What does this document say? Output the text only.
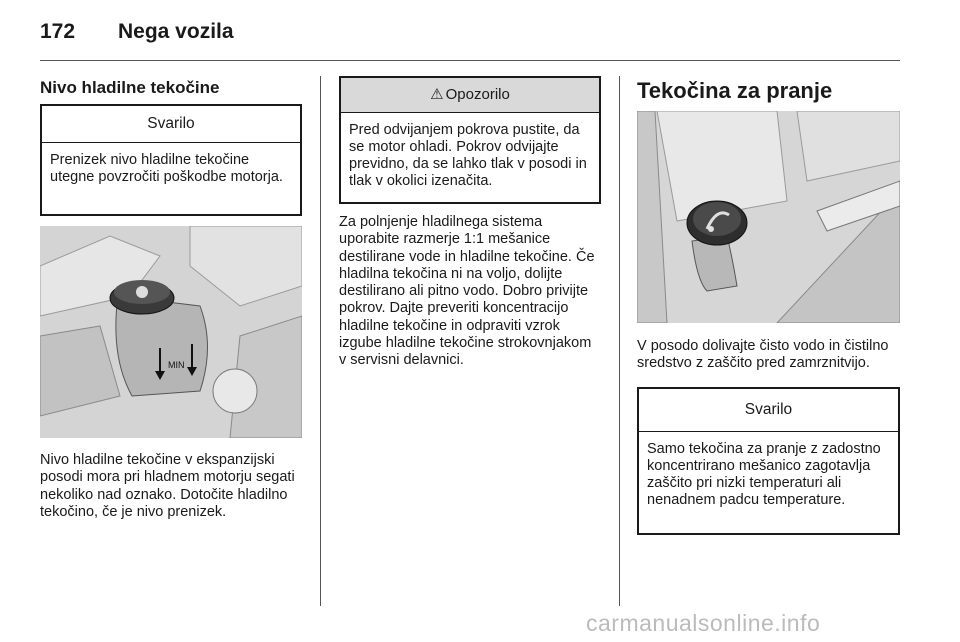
172 Nega vozila
Nivo hladilne tekočine
Svarilo
Prenizek nivo hladilne tekočine utegne povzročiti poškodbe motorja.
MIN

Nivo hladilne tekočine v ekspanzijski posodi mora pri hladnem motorju segati nekoliko nad oznako. Dotočite hladilno tekočino, če je nivo prenizek.

⚠ Opozorilo
Pred odvijanjem pokrova pustite, da se motor ohladi. Pokrov odvijajte previdno, da se lahko tlak v posodi in tlak v okolici izenačita.

Za polnjenje hladilnega sistema uporabite razmerje 1:1 mešanice destilirane vode in hladilne tekočine. Če hladilna tekočina ni na voljo, dolijte destilirano ali pitno vodo. Dobro privijte pokrov. Dajte preveriti koncentracijo hladilne tekočine in odpraviti vzrok izgube hladilne tekočine strokovnjakom v servisni delavnici.

Tekočina za pranje

V posodo dolivajte čisto vodo in čistilno sredstvo z zaščito pred zamrznitvijo.

Svarilo
Samo tekočina za pranje z zadostno koncentrirano mešanico zagotavlja zaščito pri nizki temperaturi ali nenadnem padcu temperature.
carmanualsonline.info
